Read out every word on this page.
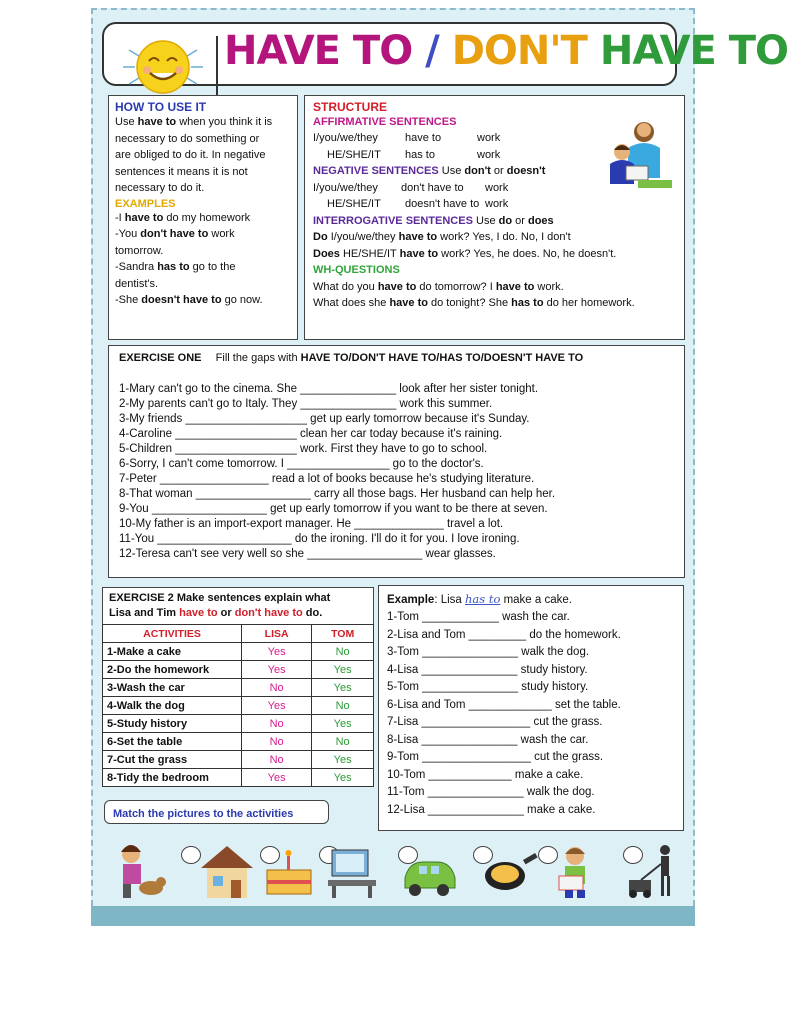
HAVE TO / DON'T HAVE TO
HOW TO USE IT
Use have to when you think it is
necessary to do something or
are obliged to do it. In negative
sentences it means it is not
necessary to do it.
EXAMPLES
-I have to do my homework
-You don't have to work
tomorrow.
-Sandra has to go to the
dentist's.
-She doesn't have to go now.
STRUCTURE
AFFIRMATIVE SENTENCES
I/you/we/they have to	work
HE/SHE/IT has to	work
NEGATIVE SENTENCES Use don't or doesn't
I/you/we/they don't have to work
HE/SHE/IT doesn't have to work
INTERROGATIVE SENTENCES Use do or does
Do I/you/we/they have to work? Yes, I do. No, I don't
Does HE/SHE/IT have to work? Yes, he does. No, he doesn't.
WH-QUESTIONS
What do you have to do tomorrow? I have to work.
What does she have to do tonight? She has to do her homework.
EXERCISE ONE Fill the gaps with HAVE TO/DON'T HAVE TO/HAS TO/DOESN'T HAVE TO
1-Mary can't go to the cinema. She _______________ look after her sister tonight.
2-My parents can't go to Italy. They _______________ work this summer.
3-My friends ___________________ get up early tomorrow because it's Sunday.
4-Caroline ___________________ clean her car today because it's raining.
5-Children ___________________ work. First they have to go to school.
6-Sorry, I can't come tomorrow. I ________________ go to the doctor's.
7-Peter _________________ read a lot of books because he's studying literature.
8-That woman __________________ carry all those bags. Her husband can help her.
9-You __________________ get up early tomorrow if you want to be there at seven.
10-My father is an import-export manager. He ______________ travel a lot.
11-You _____________________ do the ironing. I'll do it for you. I love ironing.
12-Teresa can't see very well so she __________________ wear glasses.
EXERCISE 2 Make sentences explain what
Lisa and Tim have to or don't have to do.
ACTIVITIES	LISA	TOM
1-Make a cake	Yes	No
2-Do the homework	Yes	Yes
3-Wash the car	No	Yes
4-Walk the dog	Yes	No
5-Study history	No	Yes
6-Set the table	No	No
7-Cut the grass	No	Yes
8-Tidy the bedroom	Yes	Yes
Match the pictures to the activities
Example: Lisa has to make a cake.
1-Tom ____________ wash the car.
2-Lisa and Tom _________ do the homework.
3-Tom _______________ walk the dog.
4-Lisa _______________ study history.
5-Tom _______________ study history.
6-Lisa and Tom _____________ set the table.
7-Lisa _________________ cut the grass.
8-Lisa _______________ wash the car.
9-Tom _________________ cut the grass.
10-Tom _____________ make a cake.
11-Tom _______________ walk the dog.
12-Lisa _______________ make a cake.
